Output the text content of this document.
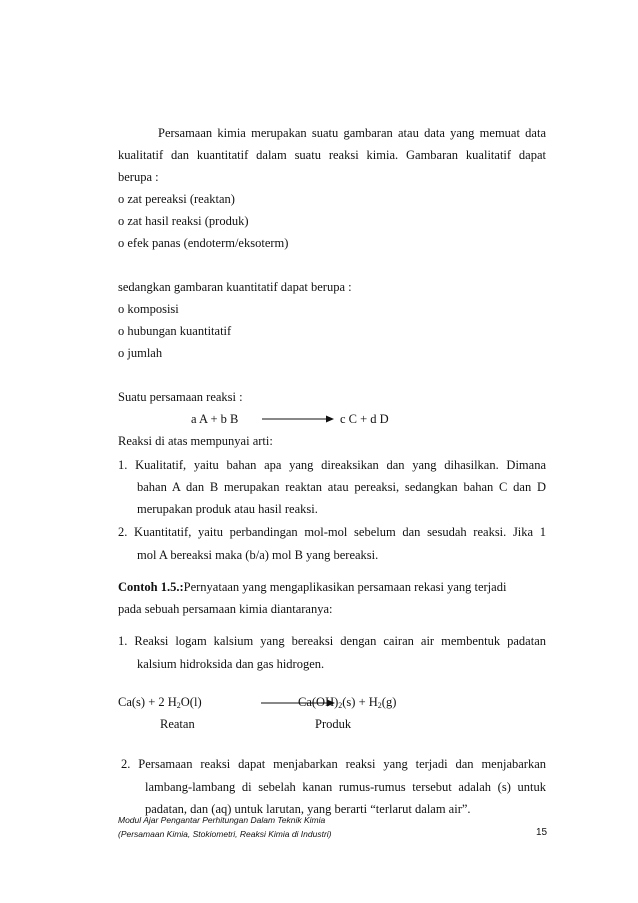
Persamaan kimia merupakan suatu gambaran atau data yang memuat data
kualitatif dan kuantitatif dalam suatu reaksi kimia. Gambaran kualitatif dapat
berupa :
o zat pereaksi (reaktan)
o zat hasil reaksi (produk)
o efek panas (endoterm/eksoterm)
sedangkan gambaran kuantitatif dapat berupa :
o komposisi
o hubungan kuantitatif
o jumlah
Suatu persamaan reaksi :
a A + b B	c C + d D
Reaksi di atas mempunyai arti:
1. Kualitatif, yaitu bahan apa yang direaksikan dan yang dihasilkan. Dimana
bahan A dan B merupakan reaktan atau pereaksi, sedangkan bahan C dan D
merupakan produk atau hasil reaksi.
2. Kuantitatif, yaitu perbandingan mol-mol sebelum dan sesudah reaksi. Jika 1
mol A bereaksi maka (b/a) mol B yang bereaksi.
Contoh 1.5.:Pernyataan yang mengaplikasikan persamaan rekasi yang terjadi
pada sebuah persamaan kimia diantaranya:
1. Reaksi logam kalsium yang bereaksi dengan cairan air membentuk padatan
kalsium hidroksida dan gas hidrogen.
Ca(s) + 2 $H_2O(l)$	$Ca(OH)_2(s) + H_2(g)$
Reatan	Produk
2. Persamaan reaksi dapat menjabarkan reaksi yang terjadi dan menjabarkan
lambang-lambang di sebelah kanan rumus-rumus tersebut adalah (s) untuk
padatan, dan (aq) untuk larutan, yang berarti “terlarut dalam air”.
Modul Ajar Pengantar Perhitungan Dalam Teknik Kimia
(Persamaan Kimia, Stokiometri, Reaksi Kimia di Industri)	15
